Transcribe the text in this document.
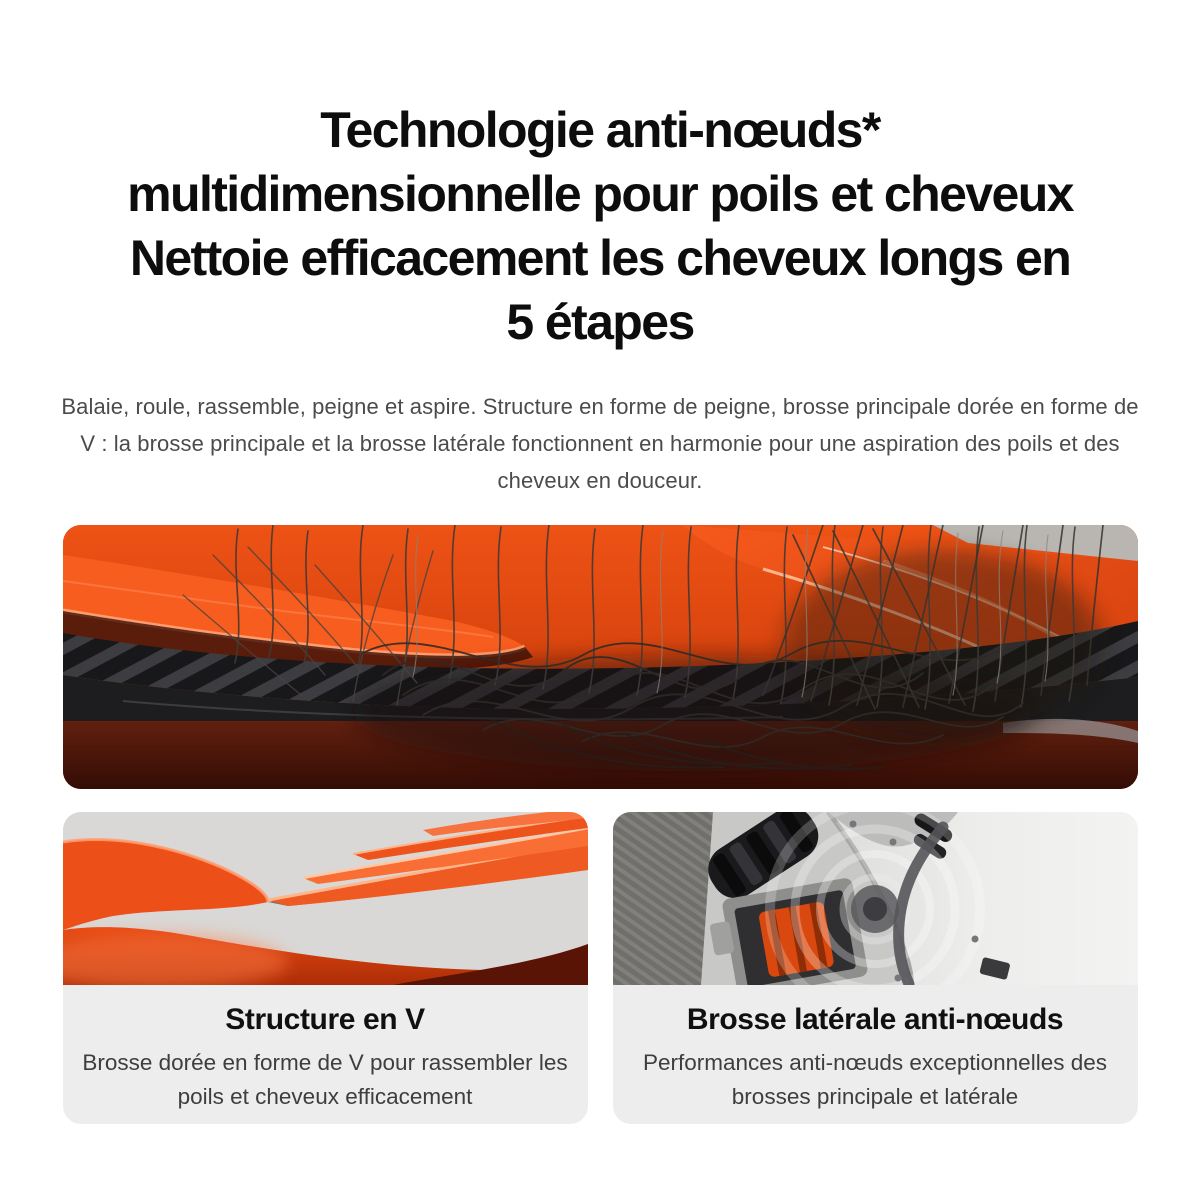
Technologie anti-nœuds*
multidimensionnelle pour poils et cheveux
Nettoie efficacement les cheveux longs en
5 étapes
Balaie, roule, rassemble, peigne et aspire. Structure en forme de peigne, brosse principale dorée en forme de V : la brosse principale et la brosse latérale fonctionnent en harmonie pour une aspiration des poils et des cheveux en douceur.
Structure en V
Brosse dorée en forme de V pour rassembler les poils et cheveux efficacement
Brosse latérale anti-nœuds
Performances anti-nœuds exceptionnelles des brosses principale et latérale
